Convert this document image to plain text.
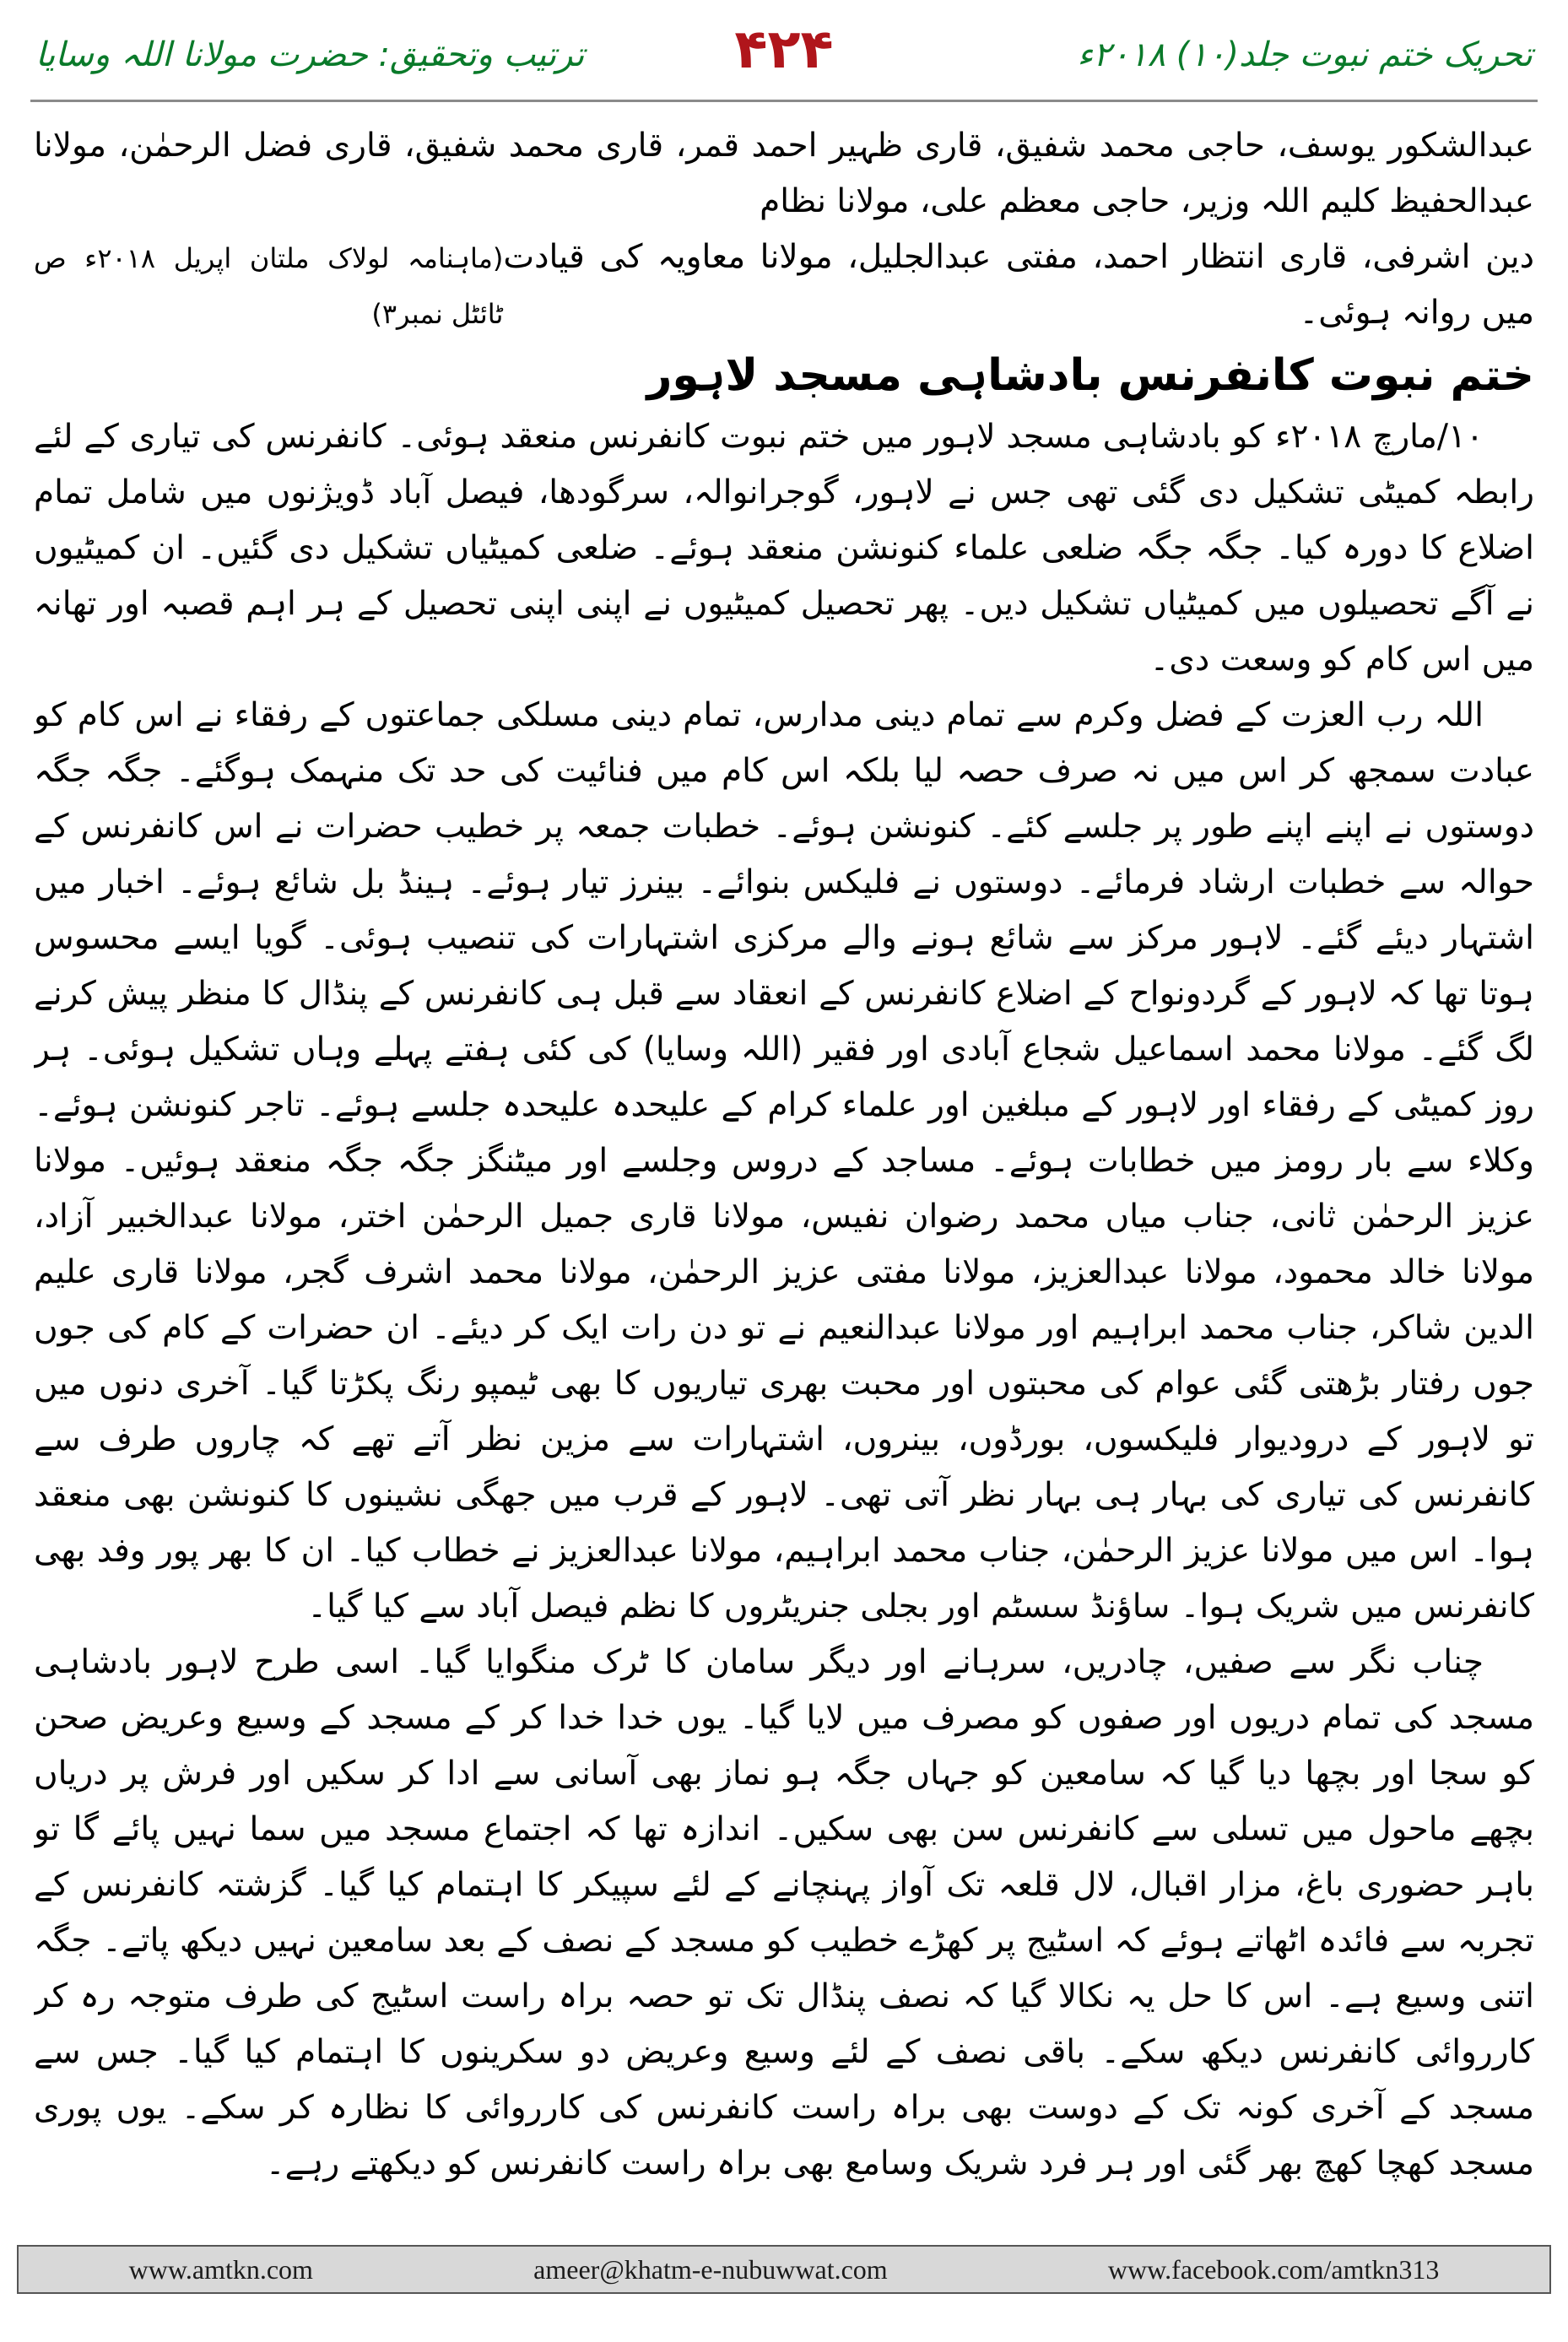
ترتیب وتحقیق: حضرت مولانا اللہ وسایا	۴۲۴	تحریک ختم نبوت جلد(۱۰) ۲۰۱۸ء

عبدالشکور یوسف، حاجی محمد شفیق، قاری ظہیر احمد قمر، قاری محمد شفیق، قاری فضل الرحمٰن، مولانا عبدالحفیظ کلیم اللہ وزیر، حاجی معظم علی، مولانا نظام

دین اشرفی، قاری انتظار احمد، مفتی عبدالجلیل، مولانا معاویہ کی قیادت میں روانہ ہوئی۔
(ماہنامہ لولاک ملتان اپریل ۲۰۱۸ء ص ٹائٹل نمبر۳)
ختم نبوت کانفرنس بادشاہی مسجد لاہور

۱۰/مارچ ۲۰۱۸ء کو بادشاہی مسجد لاہور میں ختم نبوت کانفرنس منعقد ہوئی۔ کانفرنس کی تیاری کے لئے رابطہ کمیٹی تشکیل دی گئی تھی جس نے لاہور، گوجرانوالہ، سرگودھا، فیصل آباد ڈویژنوں میں شامل تمام اضلاع کا دورہ کیا۔ جگہ جگہ ضلعی علماء کنونشن منعقد ہوئے۔ ضلعی کمیٹیاں تشکیل دی گئیں۔ ان کمیٹیوں نے آگے تحصیلوں میں کمیٹیاں تشکیل دیں۔ پھر تحصیل کمیٹیوں نے اپنی اپنی تحصیل کے ہر اہم قصبہ اور تھانہ میں اس کام کو وسعت دی۔

اللہ رب العزت کے فضل وکرم سے تمام دینی مدارس، تمام دینی مسلکی جماعتوں کے رفقاء نے اس کام کو عبادت سمجھ کر اس میں نہ صرف حصہ لیا بلکہ اس کام میں فنائیت کی حد تک منہمک ہوگئے۔ جگہ جگہ دوستوں نے اپنے اپنے طور پر جلسے کئے۔ کنونشن ہوئے۔ خطبات جمعہ پر خطیب حضرات نے اس کانفرنس کے حوالہ سے خطبات ارشاد فرمائے۔ دوستوں نے فلیکس بنوائے۔ بینرز تیار ہوئے۔ ہینڈ بل شائع ہوئے۔ اخبار میں اشتہار دیئے گئے۔ لاہور مرکز سے شائع ہونے والے مرکزی اشتہارات کی تنصیب ہوئی۔ گویا ایسے محسوس ہوتا تھا کہ لاہور کے گردونواح کے اضلاع کانفرنس کے انعقاد سے قبل ہی کانفرنس کے پنڈال کا منظر پیش کرنے لگ گئے۔ مولانا محمد اسماعیل شجاع آبادی اور فقیر (اللہ وسایا) کی کئی ہفتے پہلے وہاں تشکیل ہوئی۔ ہر روز کمیٹی کے رفقاء اور لاہور کے مبلغین اور علماء کرام کے علیحدہ علیحدہ جلسے ہوئے۔ تاجر کنونشن ہوئے۔ وکلاء سے بار رومز میں خطابات ہوئے۔ مساجد کے دروس وجلسے اور میٹنگز جگہ جگہ منعقد ہوئیں۔ مولانا عزیز الرحمٰن ثانی، جناب میاں محمد رضوان نفیس، مولانا قاری جمیل الرحمٰن اختر، مولانا عبدالخبیر آزاد، مولانا خالد محمود، مولانا عبدالعزیز، مولانا مفتی عزیز الرحمٰن، مولانا محمد اشرف گجر، مولانا قاری علیم الدین شاکر، جناب محمد ابراہیم اور مولانا عبدالنعیم نے تو دن رات ایک کر دیئے۔ ان حضرات کے کام کی جوں جوں رفتار بڑھتی گئی عوام کی محبتوں اور محبت بھری تیاریوں کا بھی ٹیمپو رنگ پکڑتا گیا۔ آخری دنوں میں تو لاہور کے درودیوار فلیکسوں، بورڈوں، بینروں، اشتہارات سے مزین نظر آتے تھے کہ چاروں طرف سے کانفرنس کی تیاری کی بہار ہی بہار نظر آتی تھی۔ لاہور کے قرب میں جھگی نشینوں کا کنونشن بھی منعقد ہوا۔ اس میں مولانا عزیز الرحمٰن، جناب محمد ابراہیم، مولانا عبدالعزیز نے خطاب کیا۔ ان کا بھر پور وفد بھی کانفرنس میں شریک ہوا۔ ساؤنڈ سسٹم اور بجلی جنریٹروں کا نظم فیصل آباد سے کیا گیا۔

چناب نگر سے صفیں، چادریں، سرہانے اور دیگر سامان کا ٹرک منگوایا گیا۔ اسی طرح لاہور بادشاہی مسجد کی تمام دریوں اور صفوں کو مصرف میں لایا گیا۔ یوں خدا خدا کر کے مسجد کے وسیع وعریض صحن کو سجا اور بچھا دیا گیا کہ سامعین کو جہاں جگہ ہو نماز بھی آسانی سے ادا کر سکیں اور فرش پر دریاں بچھے ماحول میں تسلی سے کانفرنس سن بھی سکیں۔ اندازہ تھا کہ اجتماع مسجد میں سما نہیں پائے گا تو باہر حضوری باغ، مزار اقبال، لال قلعہ تک آواز پہنچانے کے لئے سپیکر کا اہتمام کیا گیا۔ گزشتہ کانفرنس کے تجربہ سے فائدہ اٹھاتے ہوئے کہ اسٹیج پر کھڑے خطیب کو مسجد کے نصف کے بعد سامعین نہیں دیکھ پاتے۔ جگہ اتنی وسیع ہے۔ اس کا حل یہ نکالا گیا کہ نصف پنڈال تک تو حصہ براہ راست اسٹیج کی طرف متوجہ رہ کر کارروائی کانفرنس دیکھ سکے۔ باقی نصف کے لئے وسیع وعریض دو سکرینوں کا اہتمام کیا گیا۔ جس سے مسجد کے آخری کونہ تک کے دوست بھی براہ راست کانفرنس کی کارروائی کا نظارہ کر سکے۔ یوں پوری مسجد کھچا کھچ بھر گئی اور ہر فرد شریک وسامع بھی براہ راست کانفرنس کو دیکھتے رہے۔

www.amtkn.com	ameer@khatm-e-nubuwwat.com	www.facebook.com/amtkn313
